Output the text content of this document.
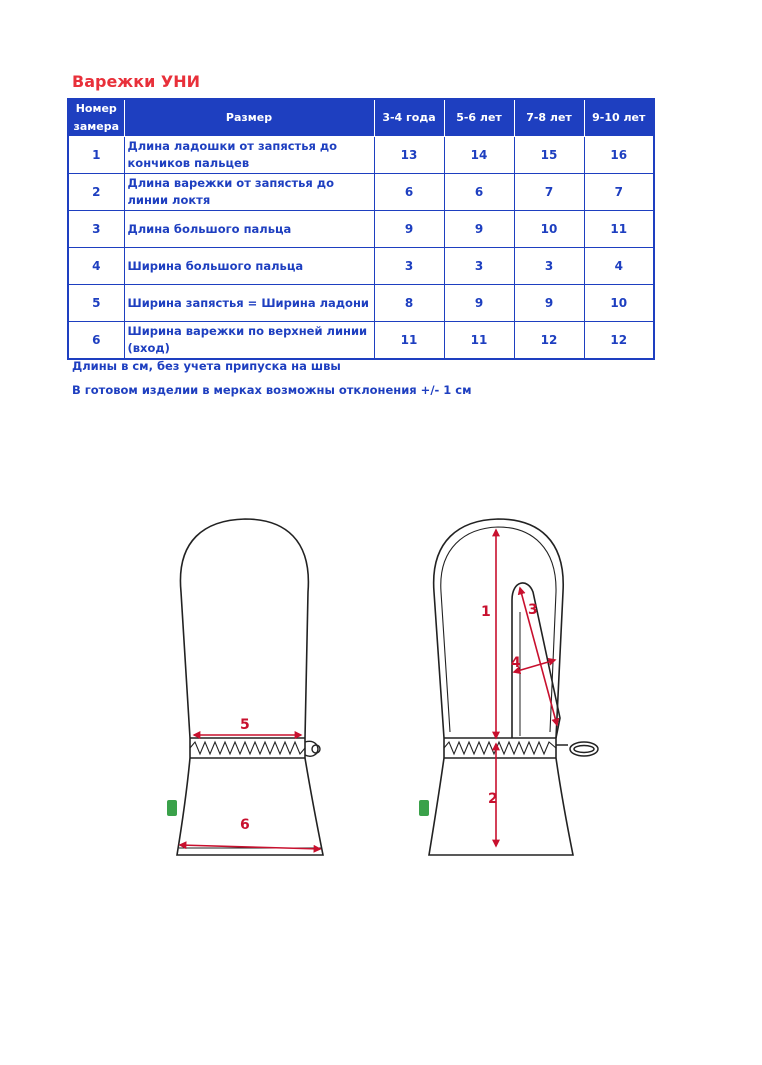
Варежки УНИ
Номер замера	Размер	3-4 года	5-6 лет	7-8 лет	9-10 лет
1	Длина ладошки от запястья до кончиков пальцев	13	14	15	16
2	Длина варежки от запястья до линии локтя	6	6	7	7
3	Длина большого пальца	9	9	10	11
4	Ширина большого пальца	3	3	3	4
5	Ширина запястья = Ширина ладони	8	9	9	10
6	Ширина варежки по верхней линии (вход)	11	11	12	12

Длины в см, без учета припуска на швы

В готовом изделии в мерках возможны отклонения +/- 1 см

5
6
1
2
3
4
